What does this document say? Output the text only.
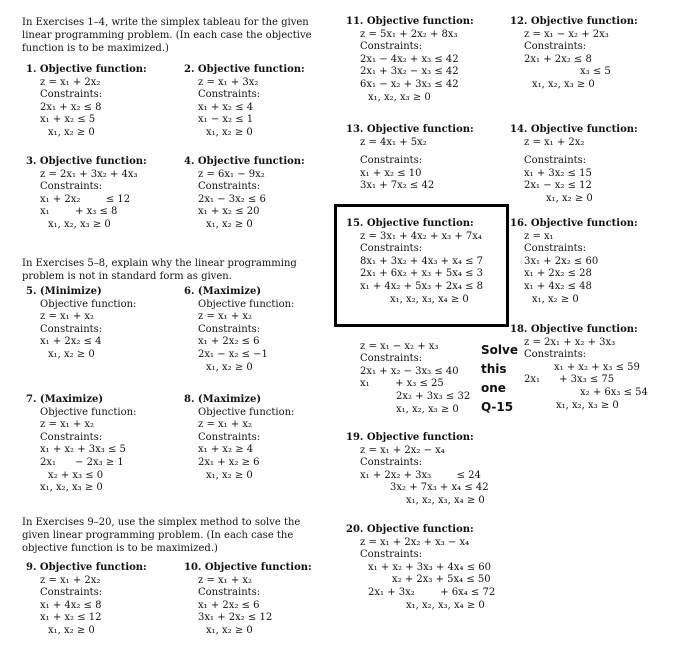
In Exercises 1–4, write the simplex tableau for the given linear programming problem. (In each case the objective function is to be maximized.)
1. Objective function:
z = x₁ + 2x₂
Constraints:
2x₁ + x₂ ≤ 8
x₁ + x₂ ≤ 5
x₁, x₂ ≥ 0
2. Objective function:
z = x₁ + 3x₂
Constraints:
x₁ + x₂ ≤ 4
x₁ − x₂ ≤ 1
x₁, x₂ ≥ 0
3. Objective function:
z = 2x₁ + 3x₂ + 4x₃
Constraints:
x₁ + 2x₂        ≤ 12
x₁        + x₃ ≤ 8
x₁, x₂, x₃ ≥ 0
4. Objective function:
z = 6x₁ − 9x₂
Constraints:
2x₁ − 3x₂ ≤ 6
x₁ + x₂ ≤ 20
x₁, x₂ ≥ 0
In Exercises 5–8, explain why the linear programming problem is not in standard form as given.
5. (Minimize)
Objective function:
z = x₁ + x₂
Constraints:
x₁ + 2x₂ ≤ 4
x₁, x₂ ≥ 0
6. (Maximize)
Objective function:
z = x₁ + x₂
Constraints:
x₁ + 2x₂ ≤ 6
2x₁ − x₂ ≤ −1
x₁, x₂ ≥ 0
7. (Maximize)
Objective function:
z = x₁ + x₂
Constraints:
x₁ + x₂ + 3x₃ ≤ 5
2x₁      − 2x₃ ≥ 1
x₂ + x₃ ≤ 0
x₁, x₂, x₃ ≥ 0
8. (Maximize)
Objective function:
z = x₁ + x₂
Constraints:
x₁ + x₂ ≥ 4
2x₁ + x₂ ≥ 6
x₁, x₂ ≥ 0
In Exercises 9–20, use the simplex method to solve the given linear programming problem. (In each case the objective function is to be maximized.)
9. Objective function:
z = x₁ + 2x₂
Constraints:
x₁ + 4x₂ ≤ 8
x₁ + x₂ ≤ 12
x₁, x₂ ≥ 0
10. Objective function:
z = x₁ + x₂
Constraints:
x₁ + 2x₂ ≤ 6
3x₁ + 2x₂ ≤ 12
x₁, x₂ ≥ 0
11. Objective function:
z = 5x₁ + 2x₂ + 8x₃
Constraints:
2x₁ − 4x₂ + x₃ ≤ 42
2x₁ + 3x₂ − x₃ ≤ 42
6x₁ − x₂ + 3x₃ ≤ 42
x₁, x₂, x₃ ≥ 0
12. Objective function:
z = x₁ − x₂ + 2x₃
Constraints:
2x₁ + 2x₂ ≤ 8
x₃ ≤ 5
x₁, x₂, x₃ ≥ 0
13. Objective function:
z = 4x₁ + 5x₂
Constraints:
x₁ + x₂ ≤ 10
3x₁ + 7x₂ ≤ 42
14. Objective function:
z = x₁ + 2x₂
Constraints:
x₁ + 3x₂ ≤ 15
2x₁ − x₂ ≤ 12
x₁, x₂ ≥ 0
15. Objective function:
z = 3x₁ + 4x₂ + x₃ + 7x₄
Constraints:
8x₁ + 3x₂ + 4x₃ + x₄ ≤ 7
2x₁ + 6x₂ + x₃ + 5x₄ ≤ 3
x₁ + 4x₂ + 5x₃ + 2x₄ ≤ 8
x₁, x₂, x₃, x₄ ≥ 0
16. Objective function:
z = x₁
Constraints:
3x₁ + 2x₂ ≤ 60
x₁ + 2x₂ ≤ 28
x₁ + 4x₂ ≤ 48
x₁, x₂ ≥ 0
z = x₁ − x₂ + x₃
Constraints:
2x₁ + x₂ − 3x₃ ≤ 40
x₁        + x₃ ≤ 25
2x₂ + 3x₃ ≤ 32
x₁, x₂, x₃ ≥ 0
18. Objective function:
z = 2x₁ + x₂ + 3x₃
Constraints:
x₁ + x₂ + x₃ ≤ 59
2x₁      + 3x₃ ≤ 75
x₂ + 6x₃ ≤ 54
x₁, x₂, x₃ ≥ 0
Solve
this
one
Q-15
19. Objective function:
z = x₁ + 2x₂ − x₄
Constraints:
x₁ + 2x₂ + 3x₃        ≤ 24
3x₂ + 7x₃ + x₄ ≤ 42
x₁, x₂, x₃, x₄ ≥ 0
20. Objective function:
z = x₁ + 2x₂ + x₃ − x₄
Constraints:
x₁ + x₂ + 3x₃ + 4x₄ ≤ 60
x₂ + 2x₃ + 5x₄ ≤ 50
2x₁ + 3x₂        + 6x₄ ≤ 72
x₁, x₂, x₃, x₄ ≥ 0
